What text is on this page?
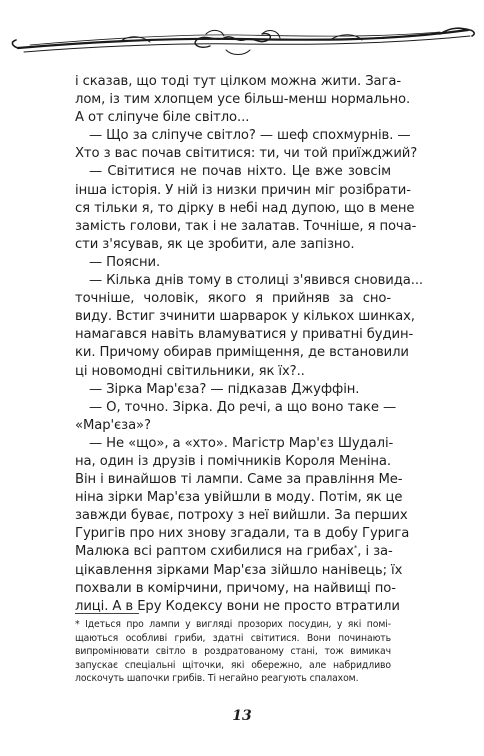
і сказав, що тоді тут цілком можна жити. Зага-
лом, із тим хлопцем усе більш-менш нормально.
А от сліпуче біле світло...
— Що за сліпуче світло? — шеф спохмурнів. —
Хто з вас почав світитися: ти, чи той приїжджий?
— Світитися не почав ніхто. Це вже зовсім
інша історія. У ній із низки причин міг розібрати-
ся тільки я, то дірку в небі над дупою, що в мене
замість голови, так і не залатав. Точніше, я поча-
сти з'ясував, як це зробити, але запізно.
— Поясни.
— Кілька днів тому в столиці з'явився сновида...
точніше, чоловік, якого я прийняв за сно-
виду. Встиг зчинити шарварок у кількох шинках,
намагався навіть вламуватися у приватні будин-
ки. Причому обирав приміщення, де встановили
ці новомодні світильники, як їх?..
— Зірка Мар'єза? — підказав Джуффін.
— О, точно. Зірка. До речі, а що воно таке —
«Мар'єза»?
— Не «що», а «хто». Магістр Мар'єз Шудалі-
на, один із друзів і помічників Короля Меніна.
Він і винайшов ті лампи. Саме за правління Ме-
ніна зірки Мар'єза увійшли в моду. Потім, як це
завжди буває, потроху з неї вийшли. За перших
Гуригів про них знову згадали, та в добу Гурига
Малюка всі раптом схибилися на грибах*, і за-
цікавлення зірками Мар'єза зійшло нанівець; їх
похвали в комірчини, причому, на найвищі по-
лиці. А в Еру Кодексу вони не просто втратили
* Ідеться про лампи у вигляді прозорих посудин, у які помі-
щаються особливі гриби, здатні світитися. Вони починають
випромінювати світло в роздратованому стані, тож вимикач
запускає спеціальні щіточки, які обережно, але набридливо
лоскочуть шапочки грибів. Ті негайно реагують спалахом.
13
